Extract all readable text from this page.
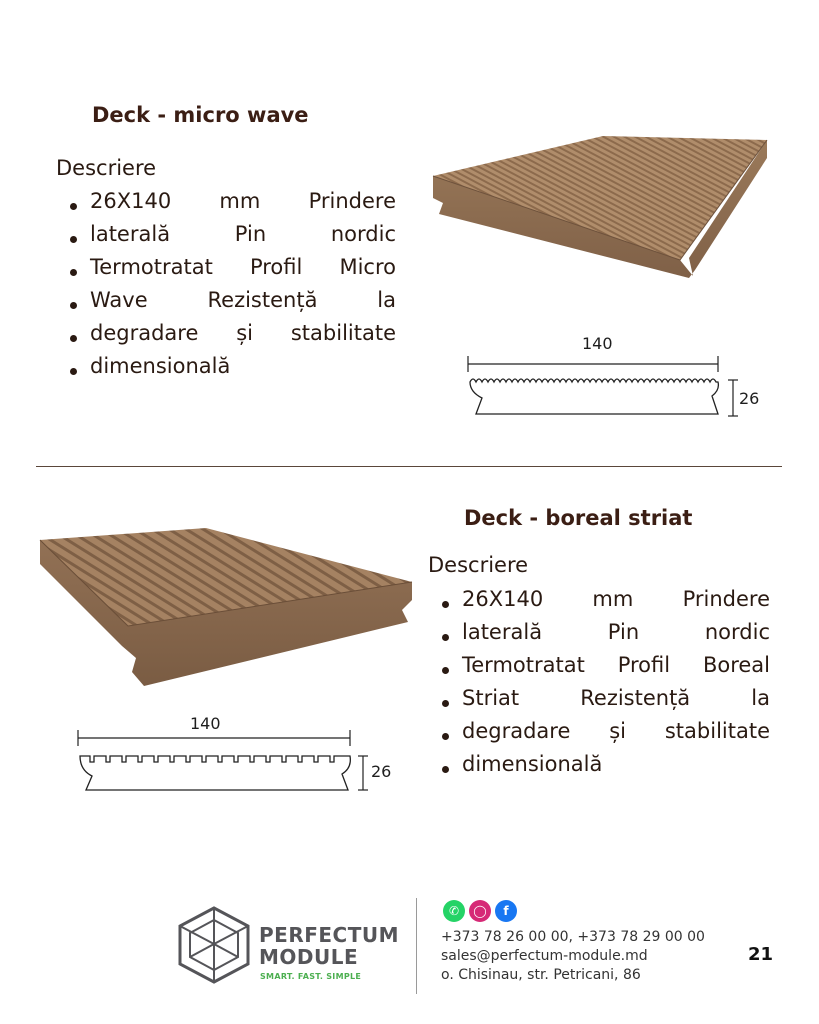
Deck - micro wave
Descriere
26X140 mm Prindere
laterală Pin nordic
Termotratat Profil Micro
Wave Rezistență la
degradare și stabilitate
dimensională
140
26
Deck - boreal striat
Descriere
26X140 mm Prindere
laterală Pin nordic
Termotratat Profil Boreal
Striat Rezistență la
degradare și stabilitate
dimensională
140
26
PERFECTUM
MODULE
SMART. FAST. SIMPLE
✆	◯	f
+373 78 26 00 00, +373 78 29 00 00
sales@perfectum-module.md
o. Chisinau, str. Petricani, 86
21
